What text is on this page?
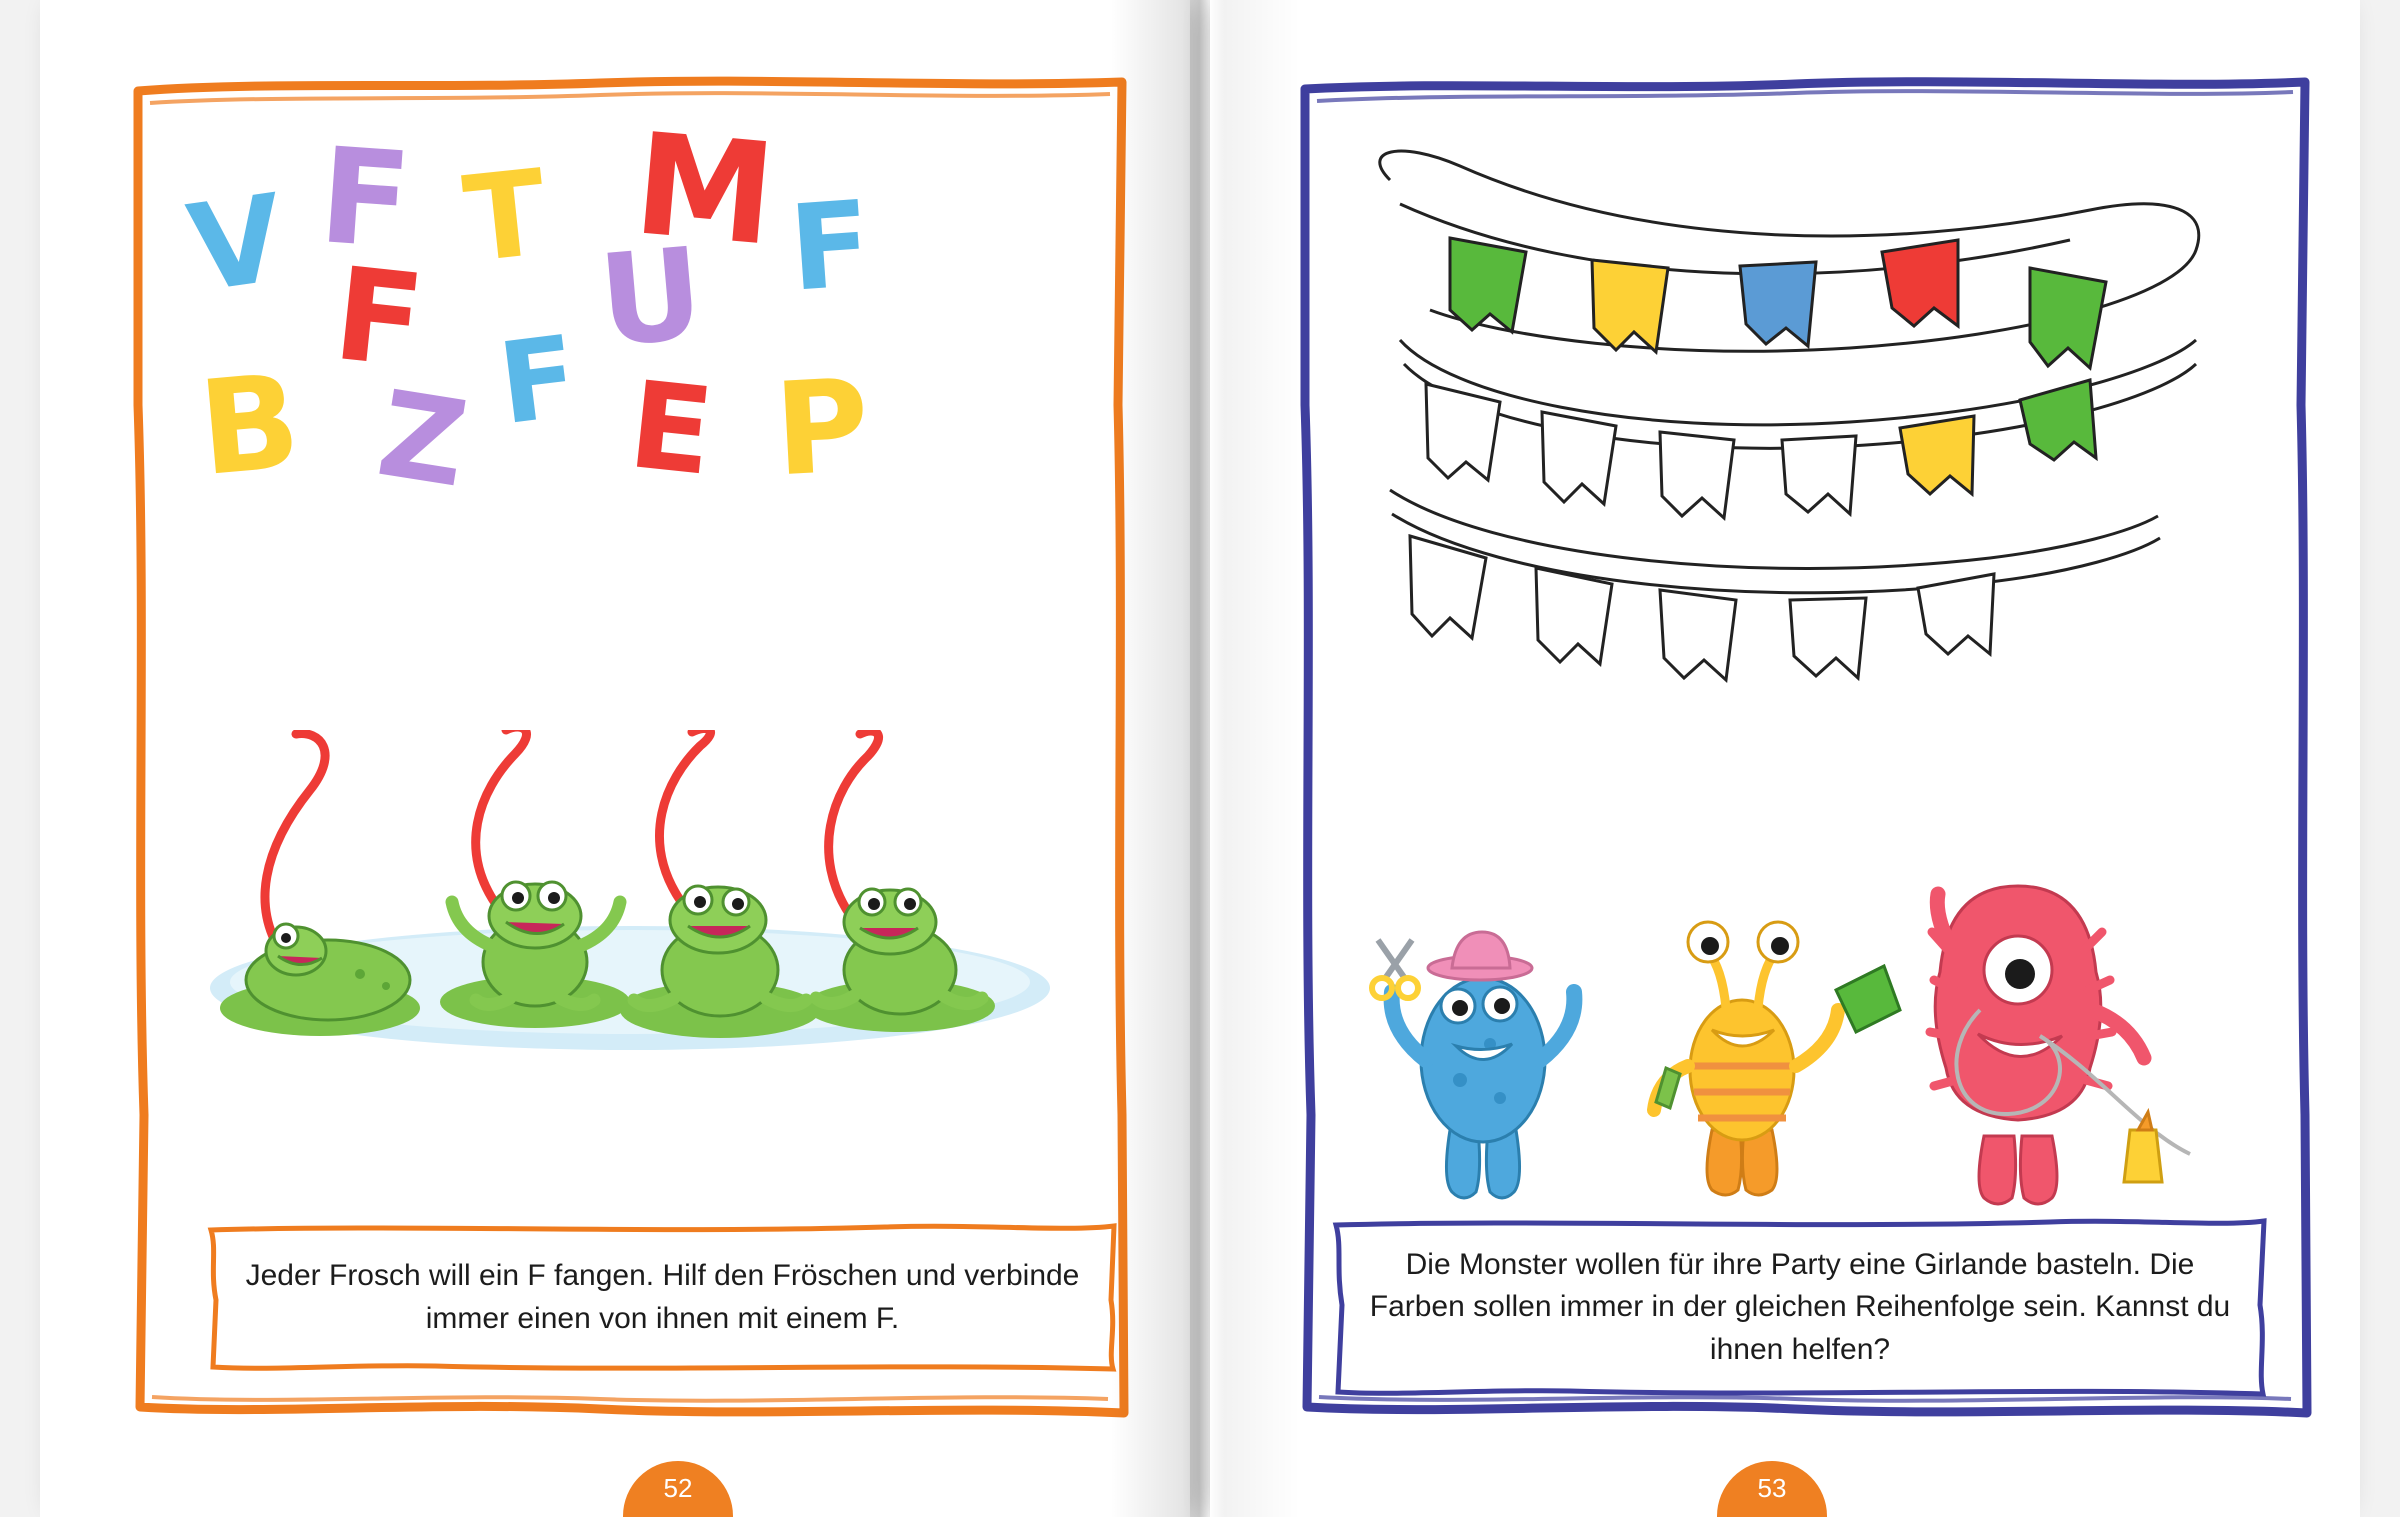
V F T M F
F U
Z F
B	E P
Jeder Frosch will ein F fangen. Hilf den Fröschen und verbinde immer einen von ihnen mit einem F.
52	53
Die Monster wollen für ihre Party eine Girlande basteln. Die Farben sollen immer in der gleichen Reihenfolge sein. Kannst du ihnen helfen?
